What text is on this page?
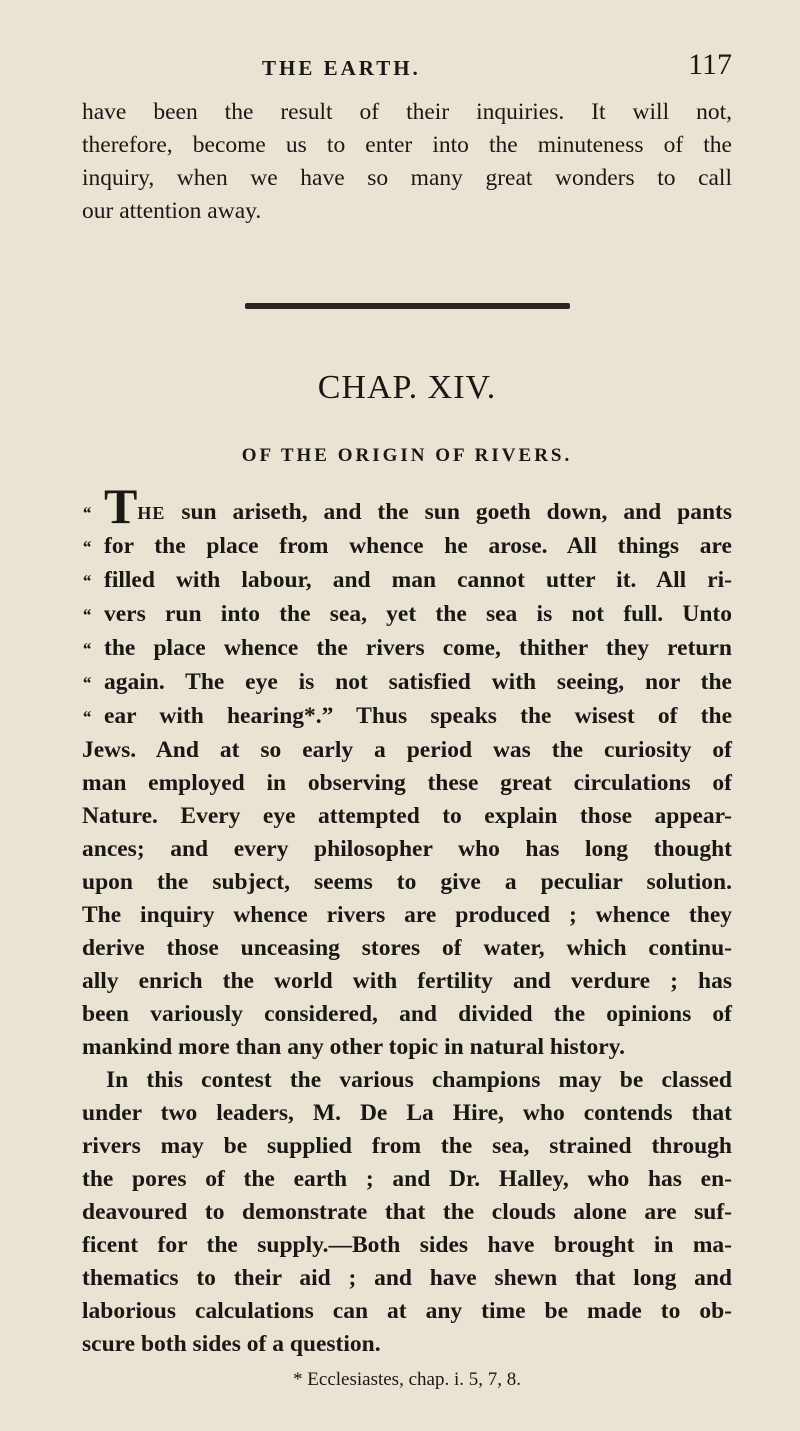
THE EARTH.	117

have been the result of their inquiries. It will not,
therefore, become us to enter into the minuteness of the
inquiry, when we have so many great wonders to call
our attention away.

CHAP. XIV.
OF THE ORIGIN OF RIVERS.

“ THE sun ariseth, and the sun goeth down, and pants
“ for the place from whence he arose. All things are
“ filled with labour, and man cannot utter it. All ri-
“ vers run into the sea, yet the sea is not full. Unto
“ the place whence the rivers come, thither they return
“ again. The eye is not satisfied with seeing, nor the
“ ear with hearing*.” Thus speaks the wisest of the
Jews. And at so early a period was the curiosity of
man employed in observing these great circulations of
Nature. Every eye attempted to explain those appear-
ances; and every philosopher who has long thought
upon the subject, seems to give a peculiar solution.
The inquiry whence rivers are produced ; whence they
derive those unceasing stores of water, which continu-
ally enrich the world with fertility and verdure ; has
been variously considered, and divided the opinions of
mankind more than any other topic in natural history.

In this contest the various champions may be classed
under two leaders, M. De La Hire, who contends that
rivers may be supplied from the sea, strained through
the pores of the earth ; and Dr. Halley, who has en-
deavoured to demonstrate that the clouds alone are suf-
ficent for the supply.—Both sides have brought in ma-
thematics to their aid ; and have shewn that long and
laborious calculations can at any time be made to ob-
scure both sides of a question.

* Ecclesiastes, chap. i. 5, 7, 8.
